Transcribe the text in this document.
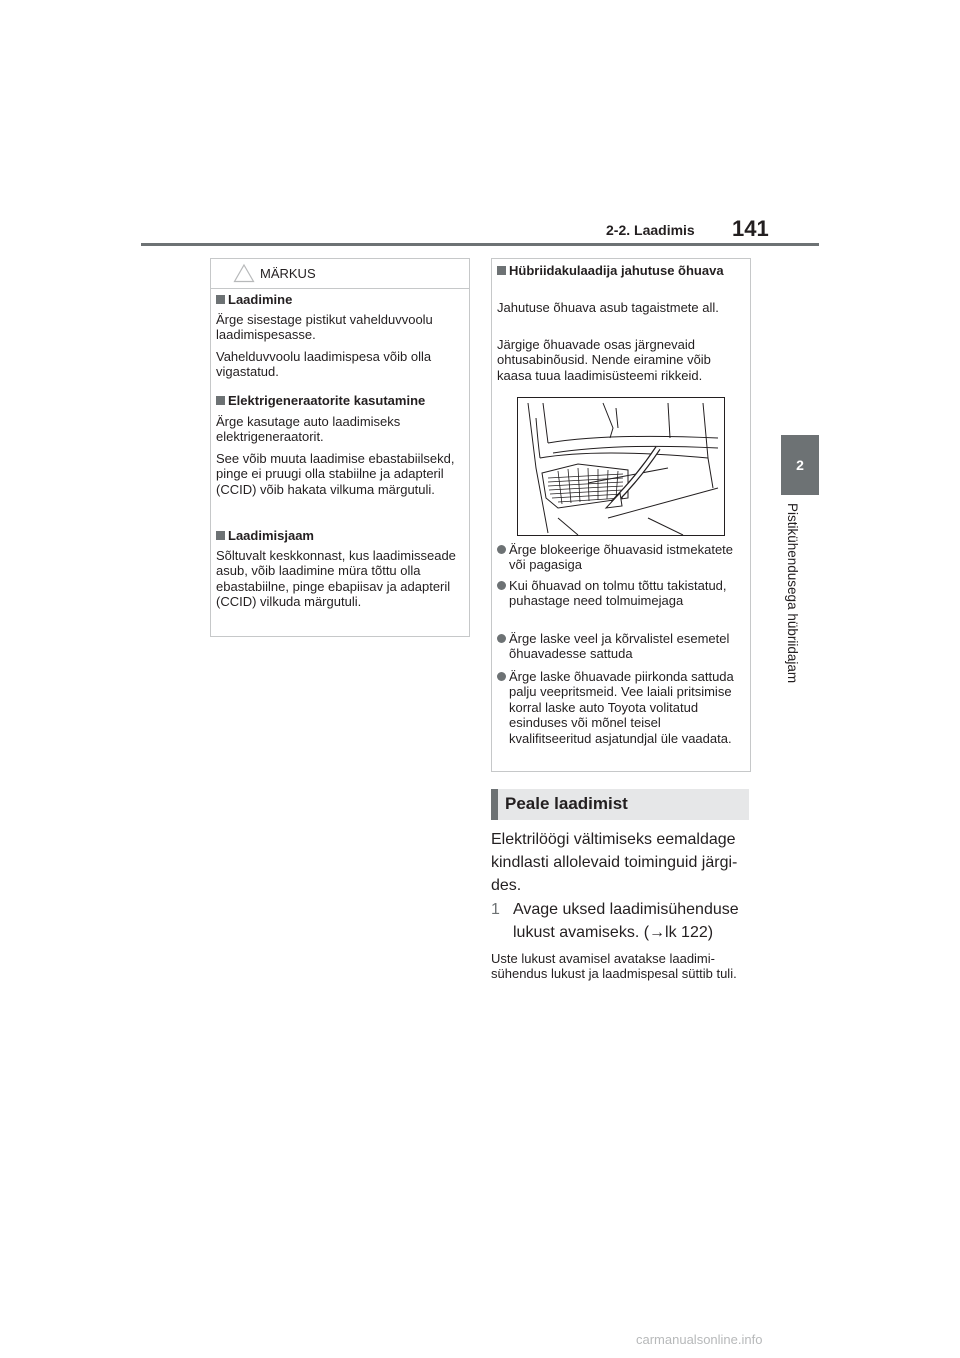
2-2. Laadimis 141
2
Pistikühendusega hübriidajam
MÄRKUS
Laadimine
Ärge sisestage pistikut vahelduvvoolu laadimispesasse.
Vahelduvvoolu laadimispesa võib olla vigastatud.
Elektrigeneraatorite kasutamine
Ärge kasutage auto laadimiseks elektrigeneraatorit.
See võib muuta laadimise ebastabiilsekd, pinge ei pruugi olla stabiilne ja adapteril (CCID) võib hakata vilkuma märgutuli.
Laadimisjaam
Sõltuvalt keskkonnast, kus laadimisseade asub, võib laadimine müra tõttu olla ebastabiilne, pinge ebapiisav ja adapteril (CCID) vilkuda märgutuli.
Hübriidakulaadija jahutuse õhuava
Jahutuse õhuava asub tagaistmete all.
Järgige õhuavade osas järgnevaid ohtusabinõusid. Nende eiramine võib kaasa tuua laadimisüsteemi rikkeid.
Ärge blokeerige õhuavasid istmekatete või pagasiga
Kui õhuavad on tolmu tõttu takistatud, puhastage need tolmuimejaga
Ärge laske veel ja kõrvalistel esemetel õhuavadesse sattuda
Ärge laske õhuavade piirkonda sattuda palju veepritsmeid. Vee laiali pritsimise korral laske auto Toyota volitatud esinduses või mõnel teisel kvalifitseeritud asjatundjal üle vaadata.
Peale laadimist
Elektrilöögi vältimiseks eemaldage kindlasti allolevaid toiminguid järgi- des.
1 Avage uksed laadimisühenduse lukust avamiseks. (→lk 122)
Uste lukust avamisel avatakse laadimi- sühendus lukust ja laadmispesal süttib tuli.
carmanualsonline.info
